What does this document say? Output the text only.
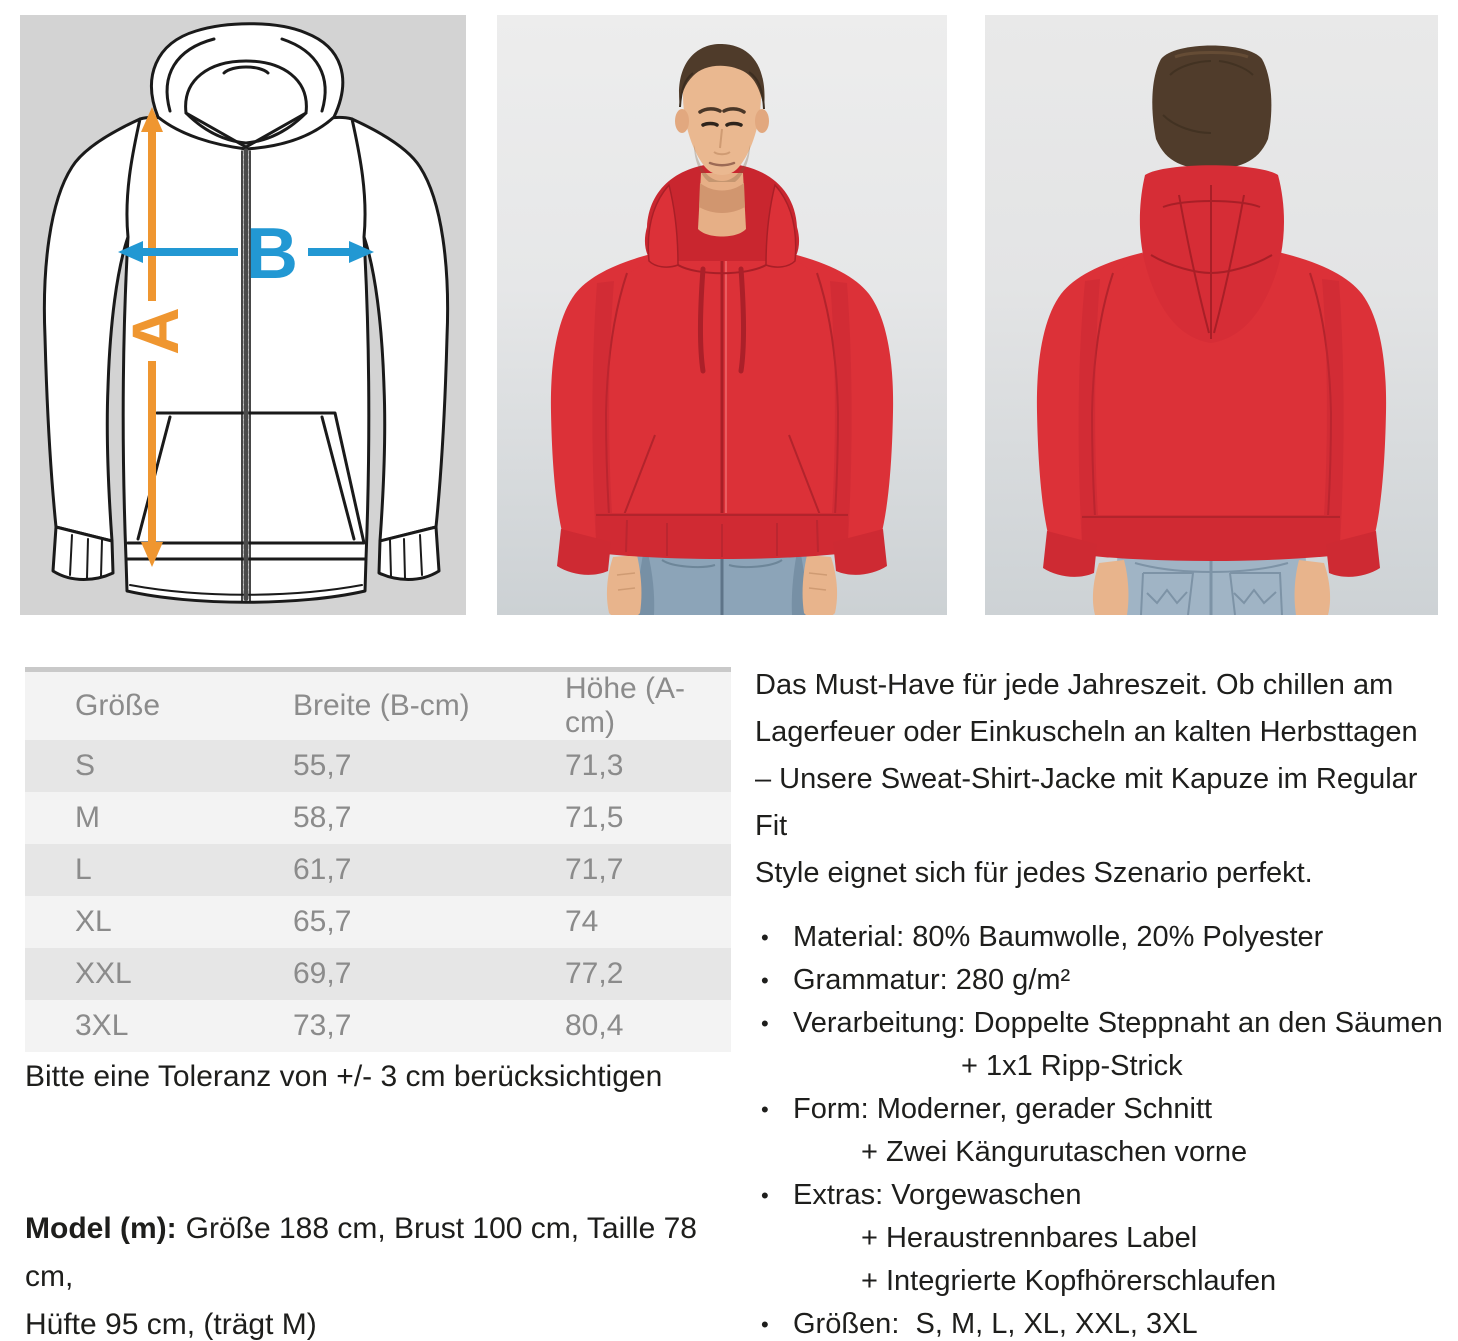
A
B
Größe	Breite (B-cm)	Höhe (A-cm)
S	55,7	71,3
M	58,7	71,5
L	61,7	71,7
XL	65,7	74
XXL	69,7	77,2
3XL	73,7	80,4
Bitte eine Toleranz von +/- 3 cm berücksichtigen
Model (m): Größe 188 cm, Brust 100 cm, Taille 78 cm,
Hüfte 95 cm, (trägt M)
Das Must-Have für jede Jahreszeit. Ob chillen am
Lagerfeuer oder Einkuscheln an kalten Herbsttagen
– Unsere Sweat-Shirt-Jacke mit Kapuze im Regular Fit
Style eignet sich für jedes Szenario perfekt.
• Material: 80% Baumwolle, 20% Polyester
• Grammatur: 280 g/m²
• Verarbeitung: Doppelte Steppnaht an den Säumen
+ 1x1 Ripp-Strick
• Form: Moderner, gerader Schnitt
+ Zwei Kängurutaschen vorne
• Extras: Vorgewaschen
+ Heraustrennbares Label
+ Integrierte Kopfhörerschlaufen
• Größen:  S, M, L, XL, XXL, 3XL
